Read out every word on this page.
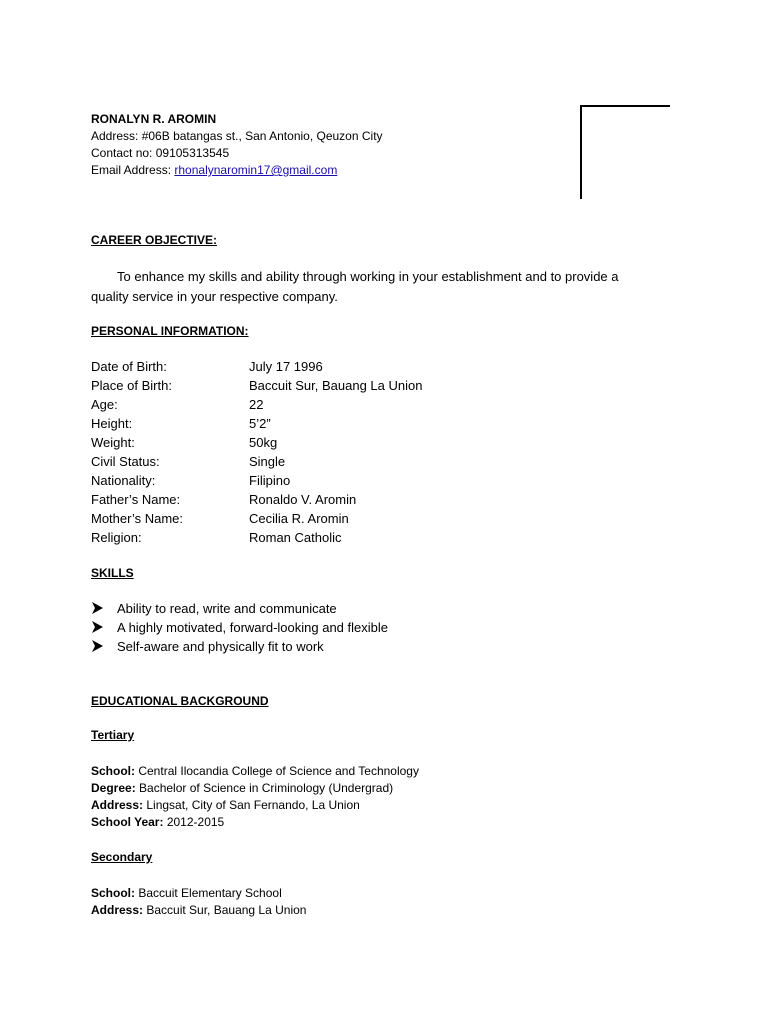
RONALYN R. AROMIN
Address: #06B batangas st., San Antonio, Qeuzon City
Contact no: 09105313545
Email Address: rhonalynaromin17@gmail.com
CAREER OBJECTIVE:
To enhance my skills and ability through working in your establishment and to provide a
quality service in your respective company.
PERSONAL INFORMATION:
Date of Birth:	July 17 1996
Place of Birth:	Baccuit Sur, Bauang La Union
Age:	22
Height:	5’2”
Weight:	50kg
Civil Status:	Single
Nationality:	Filipino
Father’s Name:	Ronaldo V. Aromin
Mother’s Name:	Cecilia R. Aromin
Religion:	Roman Catholic
SKILLS
Ability to read, write and communicate
A highly motivated, forward-looking and flexible
Self-aware and physically fit to work
EDUCATIONAL BACKGROUND
Tertiary
School: Central Ilocandia College of Science and Technology
Degree: Bachelor of Science in Criminology (Undergrad)
Address: Lingsat, City of San Fernando, La Union
School Year: 2012-2015
Secondary
School: Baccuit Elementary School
Address: Baccuit Sur, Bauang La Union
